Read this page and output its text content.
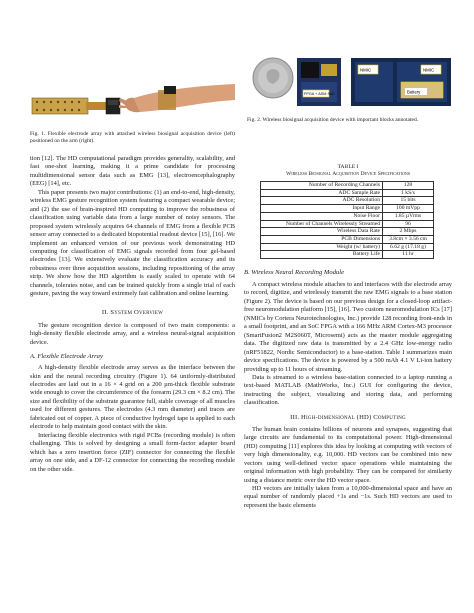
FPGA + ASM SoC
NMIC	NMIC
Battery
Fig. 1. Flexible electrode array with attached wireless biosignal acquisition device (left) positioned on the arm (right).
Fig. 2. Wireless biosignal acquisition device with important blocks annotated.

tion [12]. The HD computational paradigm provides generality, scalability, and fast one-shot learning, making it a prime candidate for processing multidimensional sensor data such as EMG [13], electroencephalography (EEG) [14], etc.

This paper presents two major contributions: (1) an end-to-end, high-density, wireless EMG gesture recognition system featuring a compact wearable device; and (2) the use of brain-inspired HD computing to improve the robustness of classification using variable data from a large number of noisy sensors. The proposed system wirelessly acquires 64 channels of EMG from a flexible PCB sensor array connected to a dedicated biopotential readout device [15], [16]. We implement an enhanced version of our previous work demonstrating HD computing for classification of EMG signals recorded from four gel-based electrodes [13]. We extensively evaluate the classification accuracy and its robustness over three acquisition sessions, including repositioning of the array strip. We show how the HD algorithm is easily scaled to operate with 64 channels, tolerates noise, and can be trained quickly from a single trial of each gesture, paving the way toward extremely fast calibration and online learning.

II. System Overview

The gesture recognition device is composed of two main components: a high-density flexible electrode array, and a wireless neural-signal acquisition device.

A. Flexible Electrode Array

A high-density flexible electrode array serves as the interface between the skin and the neural recording circuitry (Figure 1). 64 uniformly-distributed electrodes are laid out in a 16 × 4 grid on a 200 µm-thick flexible substrate wide enough to cover the circumference of the forearm (29.3 cm × 8.2 cm). The size and flexibility of the substrate guarantee full, stable coverage of all muscles used for different gestures. The electrodes (4.3 mm diameter) and traces are fabricated out of copper. A piece of conductive hydrogel tape is applied to each electrode to help maintain good contact with the skin.

Interfacing flexible electronics with rigid PCBs (recording module) is often challenging. This is solved by designing a small form-factor adapter board which has a zero insertion force (ZIF) connector for connecting the flexible array on one side, and a DF-12 connector for connecting the recording module on the other side.

TABLE I
Wireless Biosignal Acquisition Device Specifications
Number of Recording Channels	128
ADC Sample Rate	1 kS/s
ADC Resolution	15 bits
Input Range	100 mVpp
Noise Floor	1.85 µVrms
Number of Channels Wirelessly Streamed	96
Wireless Data Rate	2 Mbps
PCB Dimensions	3.8cm × 3.56 cm
Weight (w/ battery)	6.62 g (17.18 g)
Battery Life	11 hr
B. Wireless Neural Recording Module

A compact wireless module attaches to and interfaces with the electrode array to record, digitize, and wirelessly transmit the raw EMG signals to a base station (Figure 2). The device is based on our previous design for a closed-loop artifact-free neuromodulation platform [15], [16]. Two custom neuromodulation ICs [17] (NMICs by Cortera Neurotechnologies, Inc.) provide 128 recording front-ends in a small footprint, and an SoC FPGA with a 166 MHz ARM Cortex-M3 processor (SmartFusion2 M2S060T, Microsemi) acts as the master module aggregating data. The digitized raw data is transmitted by a 2.4 GHz low-energy radio (nRF51822, Nordic Semiconductor) to a base-station. Table I summarizes main device specifications. The device is powered by a 500 mAh 4.1 V Li-ion battery providing up to 11 hours of streaming.

Data is streamed to a wireless base-station connected to a laptop running a text-based MATLAB (MathWorks, Inc.) GUI for configuring the device, instructing the subject, visualizing and storing data, and performing classification.

III. High-dimensional (HD) Computing

The human brain contains billions of neurons and synapses, suggesting that large circuits are fundamental to its computational power. High-dimensional (HD) computing [11] explores this idea by looking at computing with vectors of very high dimensionality, e.g. 10,000. HD vectors can be combined into new vectors using well-defined vector space operations while maintaining the original information with high probability. They can be compared for similarity using a distance metric over the HD vector space.

HD vectors are initially taken from a 10,000-dimensional space and have an equal number of randomly placed +1s and −1s. Such HD vectors are used to represent the basic elements
